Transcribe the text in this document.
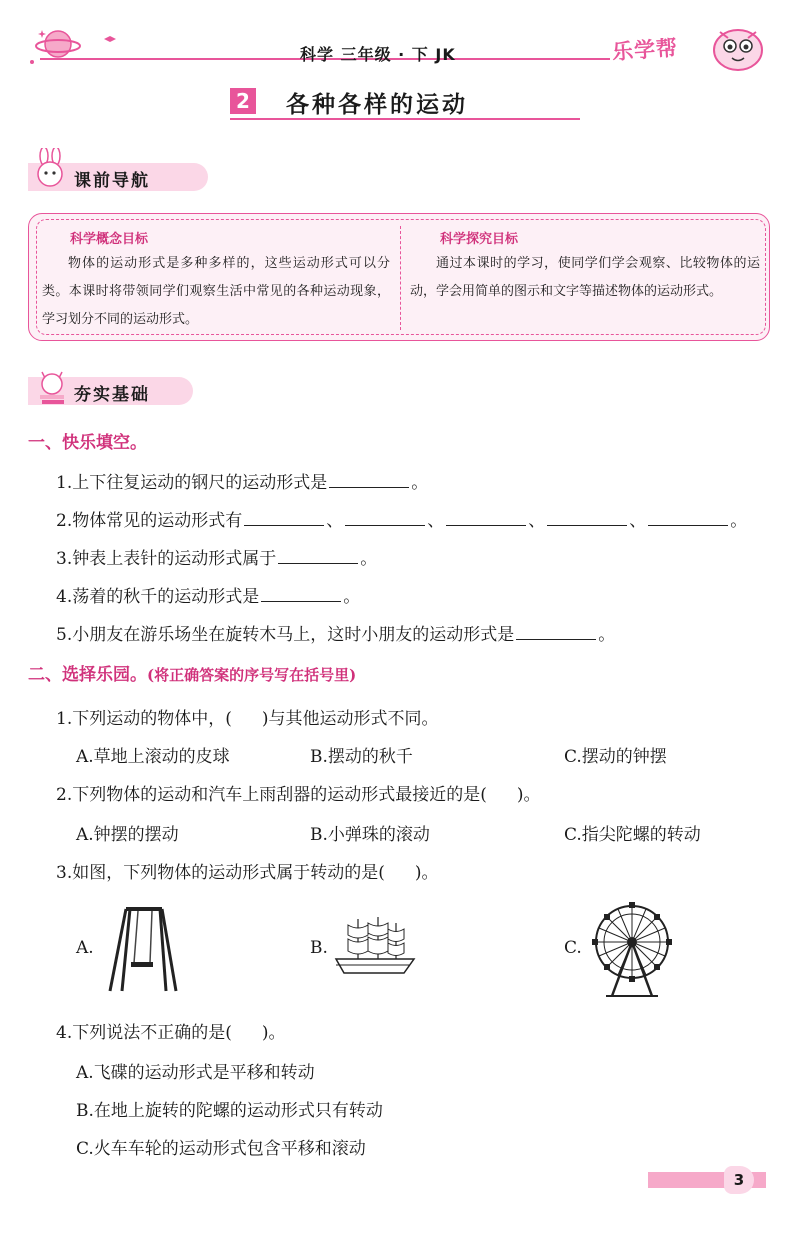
科学 三年级 · 下 JK	乐学帮
2 各种各样的运动
课前导航
科学概念目标
物体的运动形式是多种多样的，这些运动形式可以分类。本课时将带领同学们观察生活中常见的各种运动现象，学习划分不同的运动形式。
科学探究目标
通过本课时的学习，使同学们学会观察、比较物体的运动，学会用简单的图示和文字等描述物体的运动形式。
夯实基础
一、快乐填空。
1.上下往复运动的钢尺的运动形式是	。
2.物体常见的运动形式有	、	、	、	、	。
3.钟表上表针的运动形式属于	。
4.荡着的秋千的运动形式是	。
5.小朋友在游乐场坐在旋转木马上，这时小朋友的运动形式是	。
二、选择乐园。(将正确答案的序号写在括号里)
1.下列运动的物体中，( )与其他运动形式不同。
A.草地上滚动的皮球	B.摆动的秋千	C.摆动的钟摆
2.下列物体的运动和汽车上雨刮器的运动形式最接近的是( )。
A.钟摆的摆动	B.小弹珠的滚动	C.指尖陀螺的转动
3.如图，下列物体的运动形式属于转动的是( )。
A.	B.	C.
4.下列说法不正确的是( )。
A.飞碟的运动形式是平移和转动
B.在地上旋转的陀螺的运动形式只有转动
C.火车车轮的运动形式包含平移和滚动
3
